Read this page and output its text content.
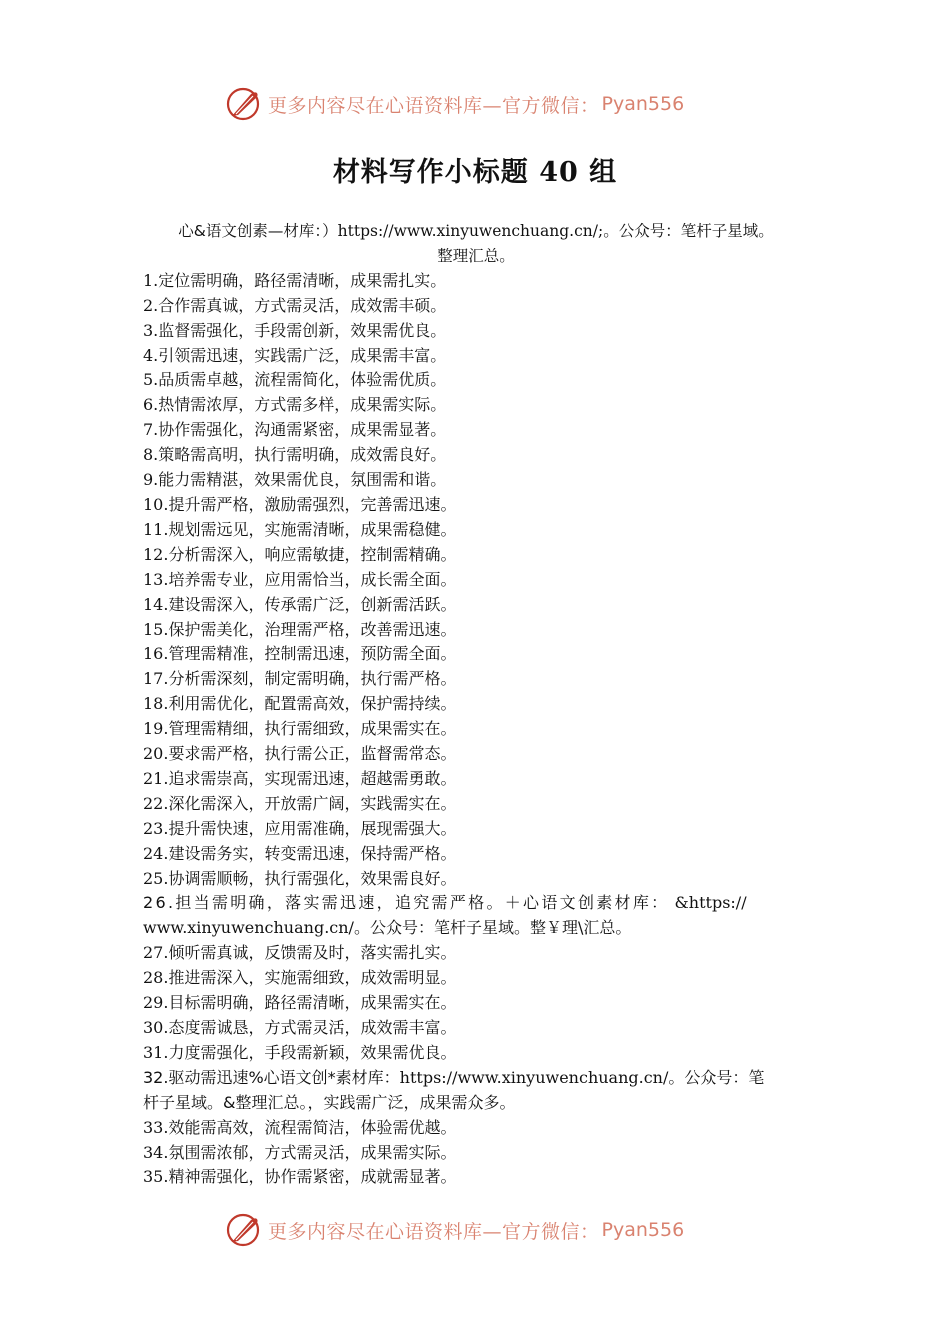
更多内容尽在心语资料库—官方微信： Pyan556
材料写作小标题 40 组
心&语文创素—材库：）https://www.xinyuwenchuang.cn/;。公众号：笔杆子星域。
整理汇总。
1.定位需明确，路径需清晰，成果需扎实。
2.合作需真诚，方式需灵活，成效需丰硕。
3.监督需强化，手段需创新，效果需优良。
4.引领需迅速，实践需广泛，成果需丰富。
5.品质需卓越，流程需简化，体验需优质。
6.热情需浓厚，方式需多样，成果需实际。
7.协作需强化，沟通需紧密，成果需显著。
8.策略需高明，执行需明确，成效需良好。
9.能力需精湛，效果需优良，氛围需和谐。
10.提升需严格，激励需强烈，完善需迅速。
11.规划需远见，实施需清晰，成果需稳健。
12.分析需深入，响应需敏捷，控制需精确。
13.培养需专业，应用需恰当，成长需全面。
14.建设需深入，传承需广泛，创新需活跃。
15.保护需美化，治理需严格，改善需迅速。
16.管理需精准，控制需迅速，预防需全面。
17.分析需深刻，制定需明确，执行需严格。
18.利用需优化，配置需高效，保护需持续。
19.管理需精细，执行需细致，成果需实在。
20.要求需严格，执行需公正，监督需常态。
21.追求需崇高，实现需迅速，超越需勇敢。
22.深化需深入，开放需广阔，实践需实在。
23.提升需快速，应用需准确，展现需强大。
24.建设需务实，转变需迅速，保持需严格。
25.协调需顺畅，执行需强化，效果需良好。
26.担当需明确，落实需迅速，追究需严格。＋心语文创素材库： &https://
www.xinyuwenchuang.cn/。公众号：笔杆子星域。整￥理\汇总。
27.倾听需真诚，反馈需及时，落实需扎实。
28.推进需深入，实施需细致，成效需明显。
29.目标需明确，路径需清晰，成果需实在。
30.态度需诚恳，方式需灵活，成效需丰富。
31.力度需强化，手段需新颖，效果需优良。
32.驱动需迅速%心语文创*素材库：https://www.xinyuwenchuang.cn/。公众号：笔
杆子星域。&整理汇总。，实践需广泛，成果需众多。
33.效能需高效，流程需简洁，体验需优越。
34.氛围需浓郁，方式需灵活，成果需实际。
35.精神需强化，协作需紧密，成就需显著。
更多内容尽在心语资料库—官方微信： Pyan556
